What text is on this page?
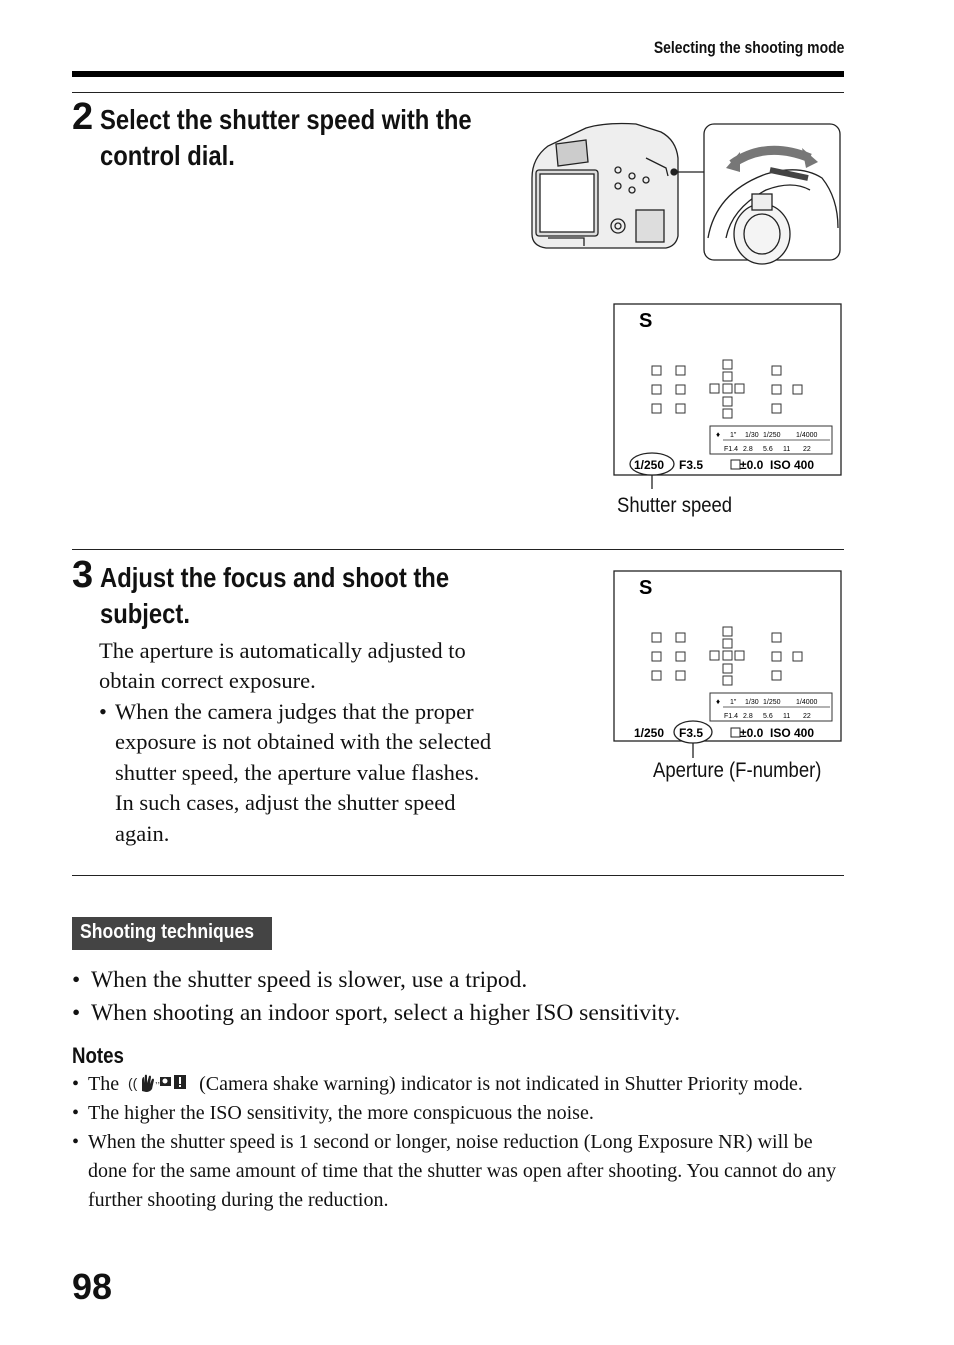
Selecting the shooting mode
2 Select the shutter speed with the control dial.
S
♦ 1" 1/30 1/250 1/4000
F1.4 2.8 5.6 11 22
1/250 F3.5	±0.0 ISO 400
Shutter speed
3 Adjust the focus and shoot the subject.
The aperture is automatically adjusted to obtain correct exposure.
• When the camera judges that the proper exposure is not obtained with the selected shutter speed, the aperture value flashes. In such cases, adjust the shutter speed again.
S
♦ 1" 1/30 1/250 1/4000
F1.4 2.8 5.6 11 22
1/250 F3.5	±0.0 ISO 400
Aperture (F-number)
Shooting techniques
• When the shutter speed is slower, use a tripod.
• When shooting an indoor sport, select a higher ISO sensitivity.
Notes
• The (( ,, (Camera shake warning) indicator is not indicated in Shutter Priority mode.
• The higher the ISO sensitivity, the more conspicuous the noise.
• When the shutter speed is 1 second or longer, noise reduction (Long Exposure NR) will be done for the same amount of time that the shutter was open after shooting. You cannot do any further shooting during the reduction.
98
